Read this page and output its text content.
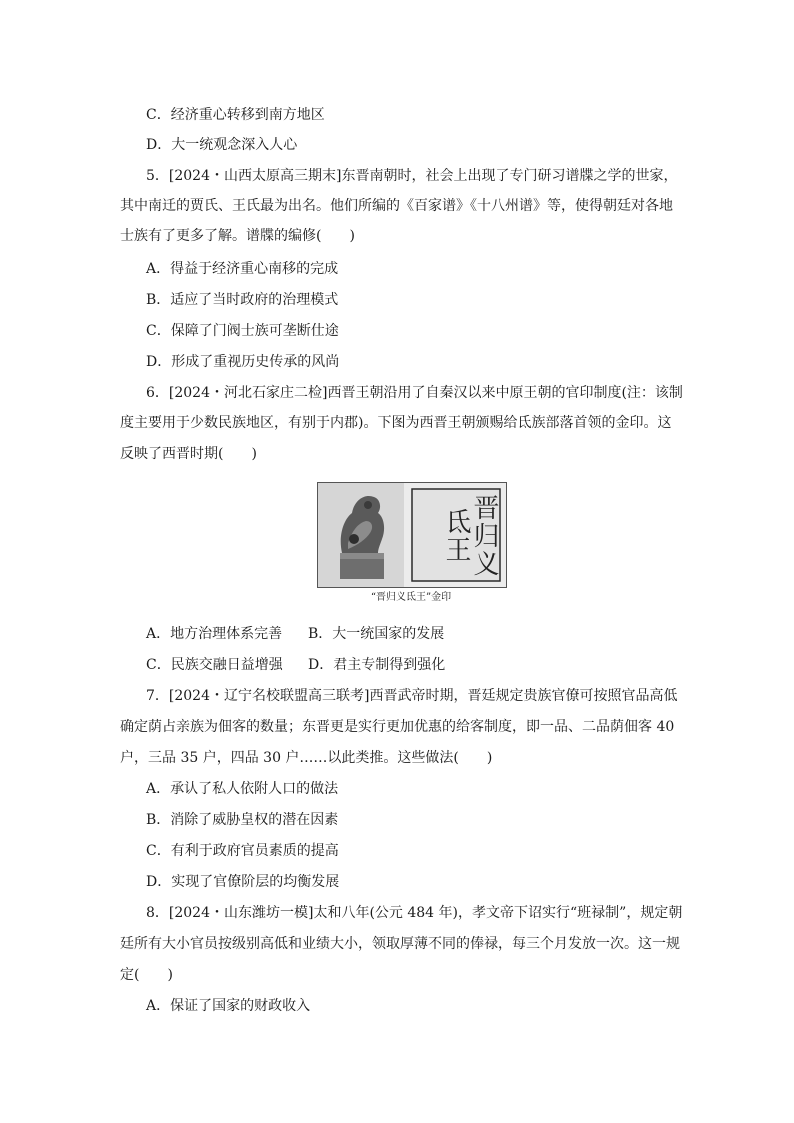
C．经济重心转移到南方地区
D．大一统观念深入人心
5．[2024・山西太原高三期末]东晋南朝时，社会上出现了专门研习谱牒之学的世家，
其中南迁的贾氏、王氏最为出名。他们所编的《百家谱》《十八州谱》等，使得朝廷对各地
士族有了更多了解。谱牒的编修(　　)
A．得益于经济重心南移的完成
B．适应了当时政府的治理模式
C．保障了门阀士族可垄断仕途
D．形成了重视历史传承的风尚
6．[2024・河北石家庄二检]西晋王朝沿用了自秦汉以来中原王朝的官印制度(注：该制
度主要用于少数民族地区，有别于内郡)。下图为西晋王朝颁赐给氐族部落首领的金印。这
反映了西晋时期(　　)
晋归义氐王
“晋归义氐王”金印
A．地方治理体系完善 B．大一统国家的发展
C．民族交融日益增强 D．君主专制得到强化
7．[2024・辽宁名校联盟高三联考]西晋武帝时期，晋廷规定贵族官僚可按照官品高低
确定荫占亲族为佃客的数量；东晋更是实行更加优惠的给客制度，即一品、二品荫佃客 40
户，三品 35 户，四品 30 户……以此类推。这些做法(　　)
A．承认了私人依附人口的做法
B．消除了威胁皇权的潜在因素
C．有利于政府官员素质的提高
D．实现了官僚阶层的均衡发展
8．[2024・山东潍坊一模]太和八年(公元 484 年)，孝文帝下诏实行“班禄制”，规定朝
廷所有大小官员按级别高低和业绩大小，领取厚薄不同的俸禄，每三个月发放一次。这一规
定(　　)
A．保证了国家的财政收入
